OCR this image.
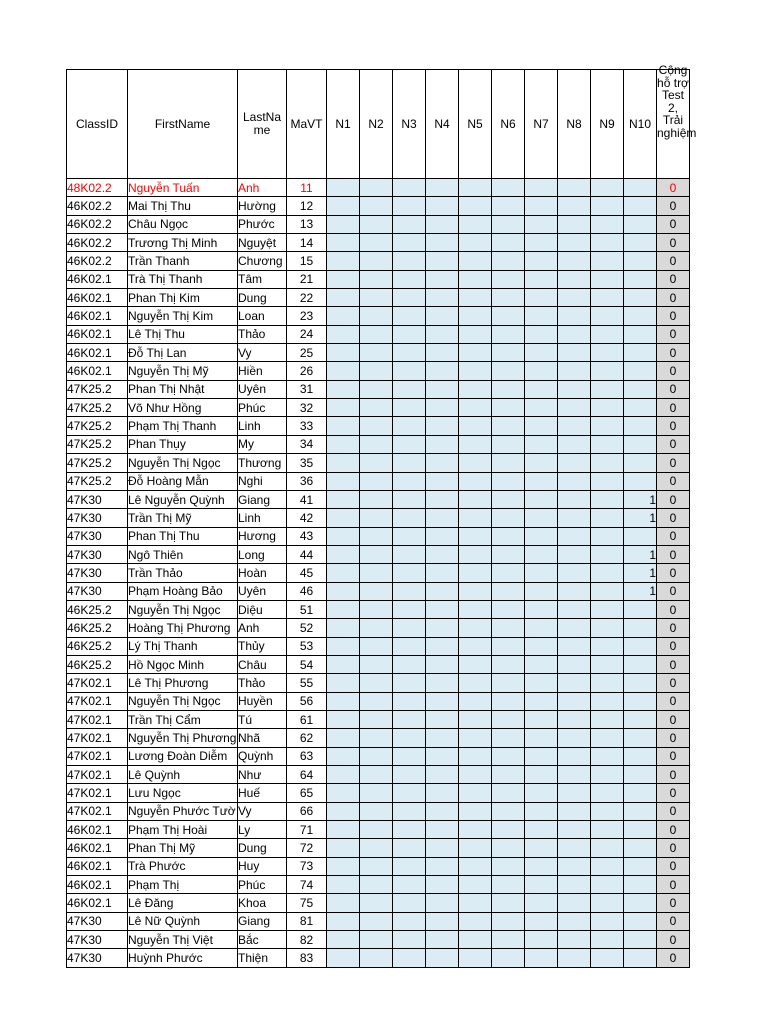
ClassID	FirstName	LastNa me	MaVT	N1	N2	N3	N4	N5	N6	N7	N8	N9	N10	Cộng hỗ trợ Test 2, Trải nghiệm

48K02.2	Nguyễn Tuấn	Anh	11											0
46K02.2	Mai Thị Thu	Hường	12											0
46K02.2	Châu Ngọc	Phước	13											0
46K02.2	Trương Thị Minh	Nguyệt	14											0
46K02.2	Trần Thanh	Chương	15											0
46K02.1	Trà Thị Thanh	Tâm	21											0
46K02.1	Phan Thị Kim	Dung	22											0
46K02.1	Nguyễn Thị Kim	Loan	23											0
46K02.1	Lê Thị Thu	Thảo	24											0
46K02.1	Đỗ Thị Lan	Vy	25											0
46K02.1	Nguyễn Thị Mỹ	Hiền	26											0
47K25.2	Phan Thị Nhật	Uyên	31											0
47K25.2	Võ Như Hồng	Phúc	32											0
47K25.2	Phạm Thị Thanh	Linh	33											0
47K25.2	Phan Thụy	My	34											0
47K25.2	Nguyễn Thị Ngọc	Thương	35											0
47K25.2	Đỗ Hoàng Mẫn	Nghi	36											0
47K30	Lê Nguyễn Quỳnh	Giang	41										1	0
47K30	Trần Thị Mỹ	Linh	42										1	0
47K30	Phan Thị Thu	Hương	43											0
47K30	Ngô Thiên	Long	44										1	0
47K30	Trần Thảo	Hoàn	45										1	0
47K30	Phạm Hoàng Bảo	Uyên	46										1	0
46K25.2	Nguyễn Thị Ngọc	Diệu	51											0
46K25.2	Hoàng Thị Phương	Anh	52											0
46K25.2	Lý Thị Thanh	Thủy	53											0
46K25.2	Hồ Ngọc Minh	Châu	54											0
47K02.1	Lê Thị Phương	Thảo	55											0
47K02.1	Nguyễn Thị Ngọc	Huyền	56											0
47K02.1	Trần Thị Cẩm	Tú	61											0
47K02.1	Nguyễn Thị Phương	Nhã	62											0
47K02.1	Lương Đoàn Diễm	Quỳnh	63											0
47K02.1	Lê Quỳnh	Như	64											0
47K02.1	Lưu Ngọc	Huế	65											0
47K02.1	Nguyễn Phước Tườ	Vy	66											0
46K02.1	Phạm Thị Hoài	Ly	71											0
46K02.1	Phan Thị Mỹ	Dung	72											0
46K02.1	Trà Phước	Huy	73											0
46K02.1	Phạm Thị	Phúc	74											0
46K02.1	Lê Đăng	Khoa	75											0
47K30	Lê Nữ Quỳnh	Giang	81											0
47K30	Nguyễn Thị Việt	Bắc	82											0
47K30	Huỳnh Phước	Thiện	83											0
